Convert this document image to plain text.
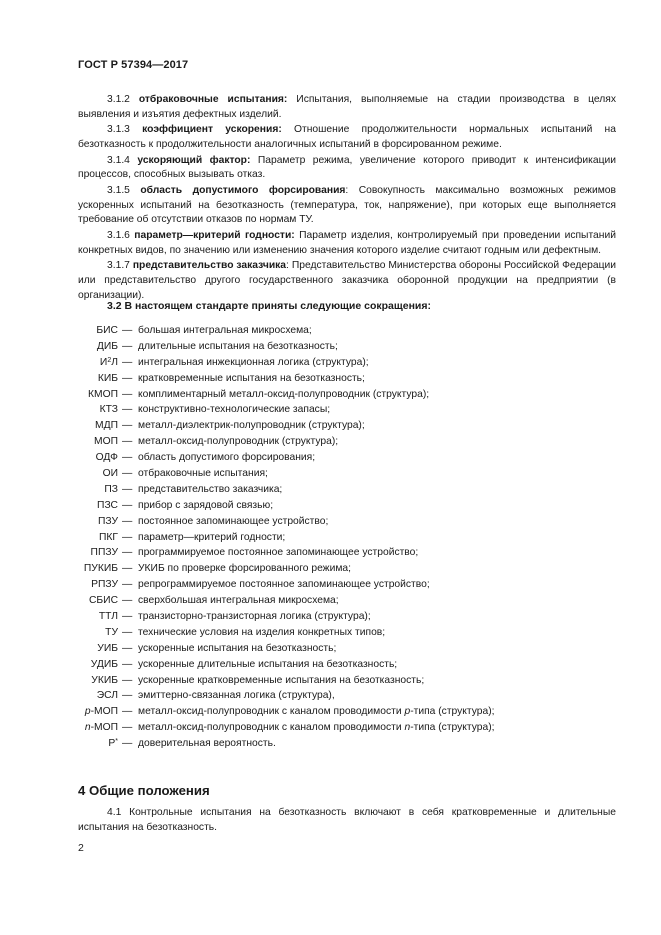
ГОСТ Р 57394—2017

3.1.2 отбраковочные испытания: Испытания, выполняемые на стадии производства в целях выявления и изъятия дефектных изделий.

3.1.3 коэффициент ускорения: Отношение продолжительности нормальных испытаний на безотказность к продолжительности аналогичных испытаний в форсированном режиме.

3.1.4 ускоряющий фактор: Параметр режима, увеличение которого приводит к интенсификации процессов, способных вызывать отказ.

3.1.5 область допустимого форсирования: Совокупность максимально возможных режимов ускоренных испытаний на безотказность (температура, ток, напряжение), при которых еще выполняется требование об отсутствии отказов по нормам ТУ.

3.1.6 параметр—критерий годности: Параметр изделия, контролируемый при проведении испытаний конкретных видов, по значению или изменению значения которого изделие считают годным или дефектным.

3.1.7 представительство заказчика: Представительство Министерства обороны Российской Федерации или представительство другого государственного заказчика оборонной продукции на предприятии (в организации).

3.2 В настоящем стандарте приняты следующие сокращения:
БИС — большая интегральная микросхема;
ДИБ — длительные испытания на безотказность;
$И^2Л$ — интегральная инжекционная логика (структура);
КИБ — кратковременные испытания на безотказность;
КМОП — комплиментарный металл-оксид-полупроводник (структура);
КТЗ — конструктивно-технологические запасы;
МДП — металл-диэлектрик-полупроводник (структура);
МОП — металл-оксид-полупроводник (структура);
ОДФ — область допустимого форсирования;
ОИ — отбраковочные испытания;
ПЗ — представительство заказчика;
ПЗС — прибор с зарядовой связью;
ПЗУ — постоянное запоминающее устройство;
ПКГ — параметр—критерий годности;
ППЗУ — программируемое постоянное запоминающее устройство;
ПУКИБ — УКИБ по проверке форсированного режима;
РПЗУ — репрограммируемое постоянное запоминающее устройство;
СБИС — сверхбольшая интегральная микросхема;
ТТЛ — транзисторно-транзисторная логика (структура);
ТУ — технические условия на изделия конкретных типов;
УИБ — ускоренные испытания на безотказность;
УДИБ — ускоренные длительные испытания на безотказность;
УКИБ — ускоренные кратковременные испытания на безотказность;
ЭСЛ — эмиттерно-связанная логика (структура),
p-МОП — металл-оксид-полупроводник с каналом проводимости p-типа (структура);
n-МОП — металл-оксид-полупроводник с каналом проводимости n-типа (структура);
P* — доверительная вероятность.
4 Общие положения

4.1 Контрольные испытания на безотказность включают в себя кратковременные и длительные испытания на безотказность.

2
